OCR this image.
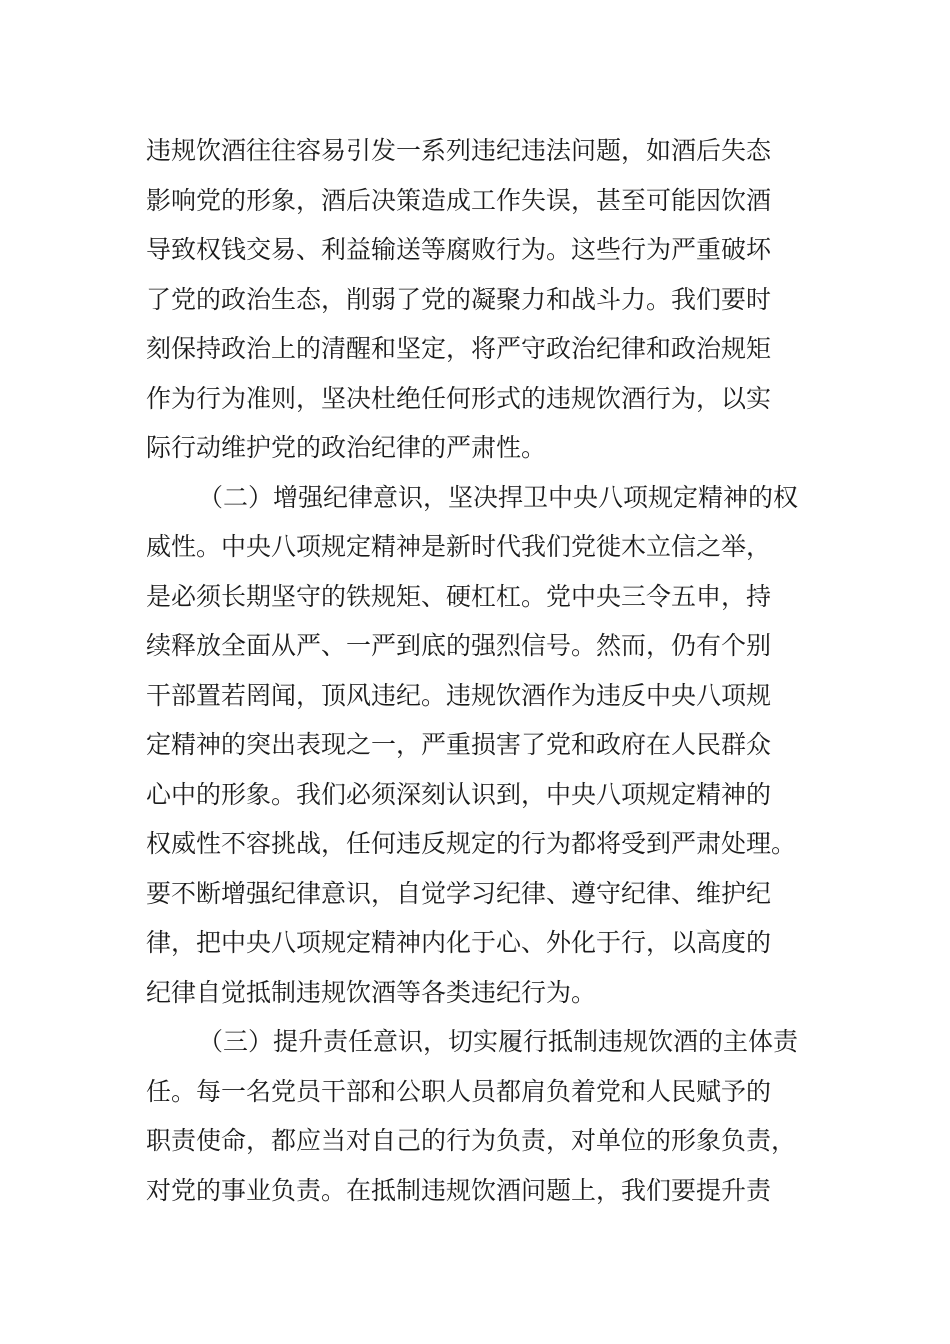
违规饮酒往往容易引发一系列违纪违法问题，如酒后失态
影响党的形象，酒后决策造成工作失误，甚至可能因饮酒
导致权钱交易、利益输送等腐败行为。这些行为严重破坏
了党的政治生态，削弱了党的凝聚力和战斗力。我们要时
刻保持政治上的清醒和坚定，将严守政治纪律和政治规矩
作为行为准则，坚决杜绝任何形式的违规饮酒行为，以实
际行动维护党的政治纪律的严肃性。
（二）增强纪律意识，坚决捍卫中央八项规定精神的权
威性。中央八项规定精神是新时代我们党徙木立信之举，
是必须长期坚守的铁规矩、硬杠杠。党中央三令五申，持
续释放全面从严、一严到底的强烈信号。然而，仍有个别
干部置若罔闻，顶风违纪。违规饮酒作为违反中央八项规
定精神的突出表现之一，严重损害了党和政府在人民群众
心中的形象。我们必须深刻认识到，中央八项规定精神的
权威性不容挑战，任何违反规定的行为都将受到严肃处理。
要不断增强纪律意识，自觉学习纪律、遵守纪律、维护纪
律，把中央八项规定精神内化于心、外化于行，以高度的
纪律自觉抵制违规饮酒等各类违纪行为。
（三）提升责任意识，切实履行抵制违规饮酒的主体责
任。每一名党员干部和公职人员都肩负着党和人民赋予的
职责使命，都应当对自己的行为负责，对单位的形象负责，
对党的事业负责。在抵制违规饮酒问题上，我们要提升责
